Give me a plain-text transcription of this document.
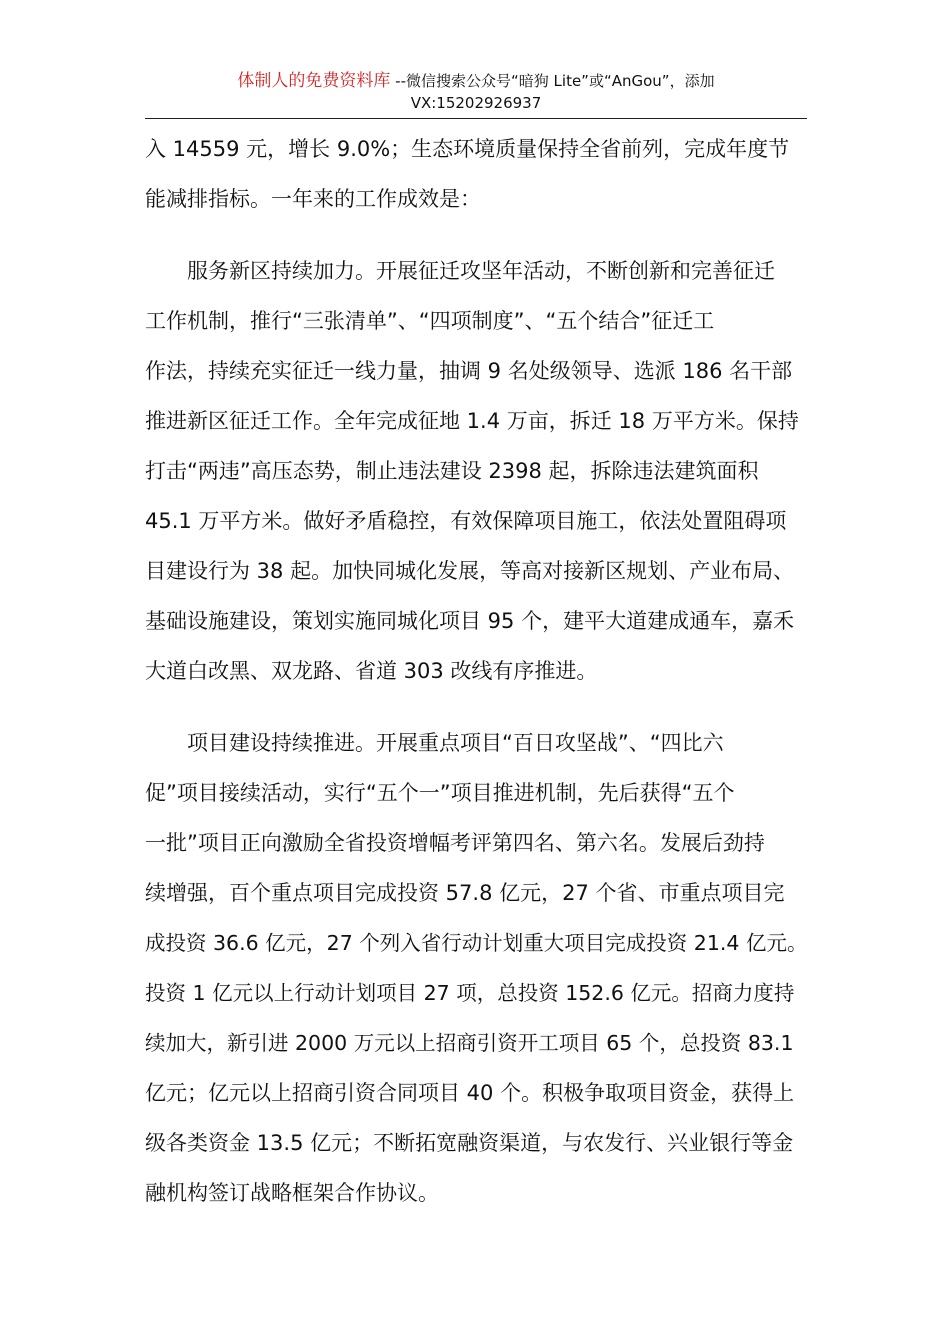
体制人的免费资料库 --微信搜索公众号“暗狗 Lite”或“AnGou”，添加
VX:15202926937
入 14559 元，增长 9.0%；生态环境质量保持全省前列，完成年度节
能减排指标。一年来的工作成效是：
服务新区持续加力。开展征迁攻坚年活动，不断创新和完善征迁
工作机制，推行“三张清单”、“四项制度”、“五个结合”征迁工
作法，持续充实征迁一线力量，抽调 9 名处级领导、选派 186 名干部
推进新区征迁工作。全年完成征地 1.4 万亩，拆迁 18 万平方米。保持
打击“两违”高压态势，制止违法建设 2398 起，拆除违法建筑面积
45.1 万平方米。做好矛盾稳控，有效保障项目施工，依法处置阻碍项
目建设行为 38 起。加快同城化发展，等高对接新区规划、产业布局、
基础设施建设，策划实施同城化项目 95 个，建平大道建成通车，嘉禾
大道白改黑、双龙路、省道 303 改线有序推进。
项目建设持续推进。开展重点项目“百日攻坚战”、“四比六
促”项目接续活动，实行“五个一”项目推进机制，先后获得“五个
一批”项目正向激励全省投资增幅考评第四名、第六名。发展后劲持
续增强，百个重点项目完成投资 57.8 亿元，27 个省、市重点项目完
成投资 36.6 亿元，27 个列入省行动计划重大项目完成投资 21.4 亿元。
投资 1 亿元以上行动计划项目 27 项，总投资 152.6 亿元。招商力度持
续加大，新引进 2000 万元以上招商引资开工项目 65 个，总投资 83.1
亿元；亿元以上招商引资合同项目 40 个。积极争取项目资金，获得上
级各类资金 13.5 亿元；不断拓宽融资渠道，与农发行、兴业银行等金
融机构签订战略框架合作协议。
